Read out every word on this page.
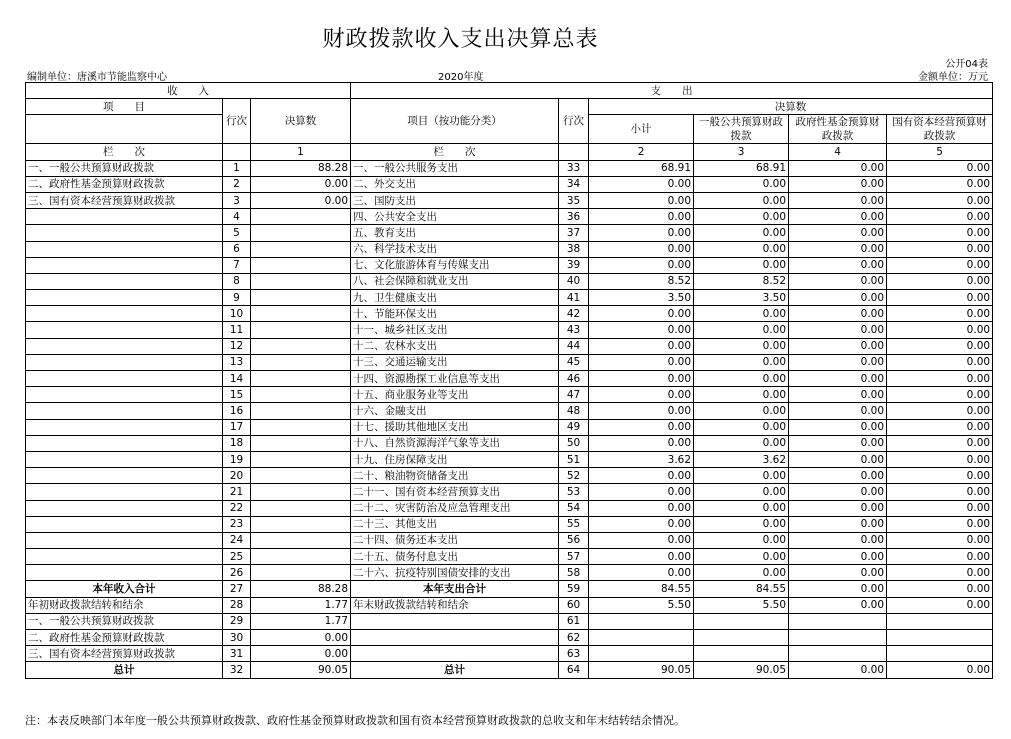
财政拨款收入支出决算总表
公开04表
编制单位：唐溪市节能监察中心	2020年度	金额单位：万元
收　　入			支　　出					
项　　目	行次	决算数	项目（按功能分类）	行次	决算数			
					小计	一般公共预算财政拨款	政府性基金预算财政拨款	国有资本经营预算财政拨款
栏　　次		1	栏　　次		2	3	4	5
一、一般公共预算财政拨款	1	88.28	一、一般公共服务支出	33	68.91	68.91	0.00	0.00
二、政府性基金预算财政拨款	2	0.00	二、外交支出	34	0.00	0.00	0.00	0.00
三、国有资本经营预算财政拨款	3	0.00	三、国防支出	35	0.00	0.00	0.00	0.00
	4		四、公共安全支出	36	0.00	0.00	0.00	0.00
	5		五、教育支出	37	0.00	0.00	0.00	0.00
	6		六、科学技术支出	38	0.00	0.00	0.00	0.00
	7		七、文化旅游体育与传媒支出	39	0.00	0.00	0.00	0.00
	8		八、社会保障和就业支出	40	8.52	8.52	0.00	0.00
	9		九、卫生健康支出	41	3.50	3.50	0.00	0.00
	10		十、节能环保支出	42	0.00	0.00	0.00	0.00
	11		十一、城乡社区支出	43	0.00	0.00	0.00	0.00
	12		十二、农林水支出	44	0.00	0.00	0.00	0.00
	13		十三、交通运输支出	45	0.00	0.00	0.00	0.00
	14		十四、资源勘探工业信息等支出	46	0.00	0.00	0.00	0.00
	15		十五、商业服务业等支出	47	0.00	0.00	0.00	0.00
	16		十六、金融支出	48	0.00	0.00	0.00	0.00
	17		十七、援助其他地区支出	49	0.00	0.00	0.00	0.00
	18		十八、自然资源海洋气象等支出	50	0.00	0.00	0.00	0.00
	19		十九、住房保障支出	51	3.62	3.62	0.00	0.00
	20		二十、粮油物资储备支出	52	0.00	0.00	0.00	0.00
	21		二十一、国有资本经营预算支出	53	0.00	0.00	0.00	0.00
	22		二十二、灾害防治及应急管理支出	54	0.00	0.00	0.00	0.00
	23		二十三、其他支出	55	0.00	0.00	0.00	0.00
	24		二十四、债务还本支出	56	0.00	0.00	0.00	0.00
	25		二十五、债务付息支出	57	0.00	0.00	0.00	0.00
	26		二十六、抗疫特别国债安排的支出	58	0.00	0.00	0.00	0.00
本年收入合计	27	88.28	本年支出合计	59	84.55	84.55	0.00	0.00
年初财政拨款结转和结余	28	1.77	年末财政拨款结转和结余	60	5.50	5.50	0.00	0.00
一、一般公共预算财政拨款	29	1.77		61				
二、政府性基金预算财政拨款	30	0.00		62				
三、国有资本经营预算财政拨款	31	0.00		63				
总计	32	90.05	总计	64	90.05	90.05	0.00	0.00
注：本表反映部门本年度一般公共预算财政拨款、政府性基金预算财政拨款和国有资本经营预算财政拨款的总收支和年末结转结余情况。
